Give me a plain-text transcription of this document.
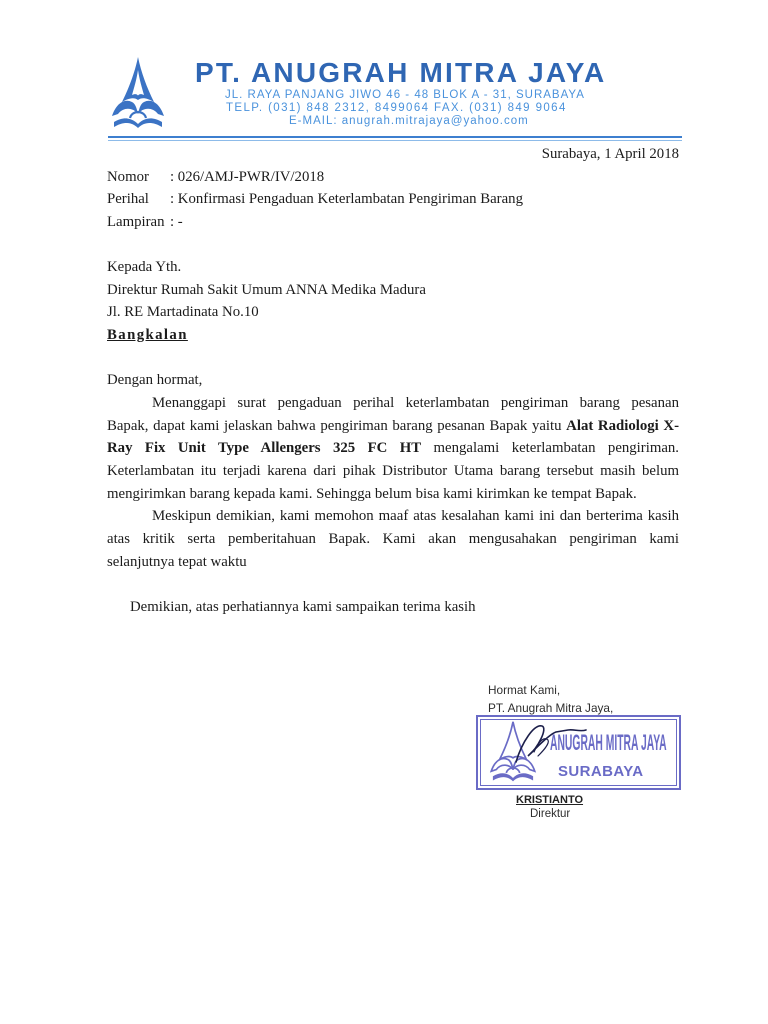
PT. ANUGRAH MITRA JAYA
JL. RAYA PANJANG JIWO 46 - 48 BLOK A - 31, SURABAYA
TELP. (031) 848 2312, 8499064 FAX. (031) 849 9064
E-MAIL: anugrah.mitrajaya@yahoo.com
Surabaya, 1 April 2018
Nomor : 026/AMJ-PWR/IV/2018
Perihal : Konfirmasi Pengaduan Keterlambatan Pengiriman Barang
Lampiran : -
Kepada Yth.
Direktur Rumah Sakit Umum ANNA Medika Madura
Jl. RE Martadinata No.10
Bangkalan
Dengan hormat,
Menanggapi surat pengaduan perihal keterlambatan pengiriman barang pesanan
Bapak, dapat kami jelaskan bahwa pengiriman barang pesanan Bapak yaitu Alat Radiologi X-
Ray Fix Unit Type Allengers 325 FC HT mengalami keterlambatan pengiriman.
Keterlambatan itu terjadi karena dari pihak Distributor Utama barang tersebut masih belum
mengirimkan barang kepada kami. Sehingga belum bisa kami kirimkan ke tempat Bapak.
Meskipun demikian, kami memohon maaf atas kesalahan kami ini dan berterima kasih
atas kritik serta pemberitahuan Bapak. Kami akan mengusahakan pengiriman kami
selanjutnya tepat waktu
Demikian, atas perhatiannya kami sampaikan terima kasih
Hormat Kami,
PT. Anugrah Mitra Jaya,
ANUGRAH MITRA JAYA
SURABAYA
KRISTIANTO
Direktur
